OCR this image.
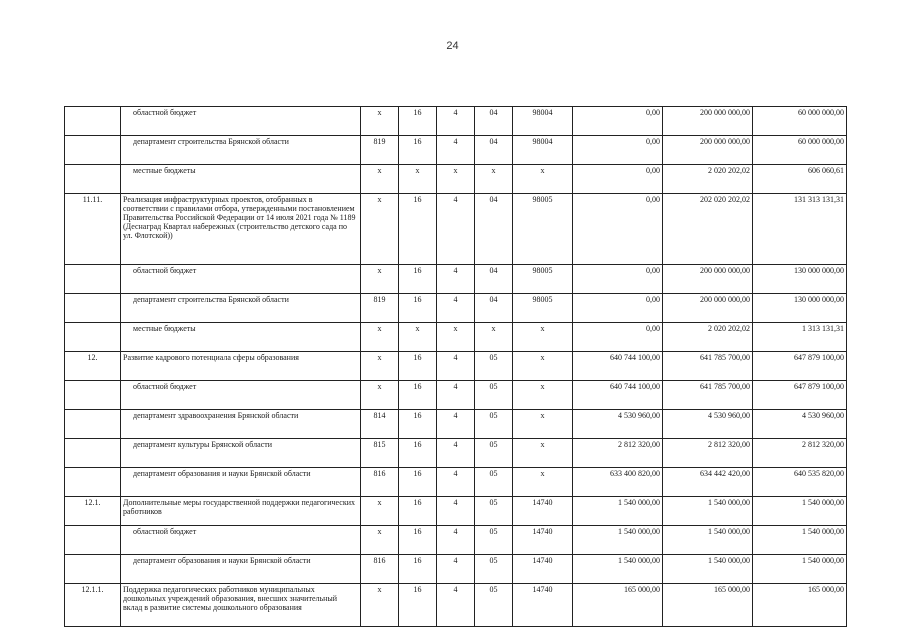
24
	областной бюджет	x	16	4	04	98004	0,00	200 000 000,00	60 000 000,00
	департамент строительства Брянской области	819	16	4	04	98004	0,00	200 000 000,00	60 000 000,00
	местные бюджеты	x	x	x	x	x	0,00	2 020 202,02	606 060,61
11.11.	Реализация инфраструктурных проектов, отобранных в соответствии с правилами отбора, утвержденными постановлением Правительства Российской Федерации от 14 июля 2021 года № 1189 (Деснаград Квартал набережных (строительство детского сада по ул. Флотской))	x	16	4	04	98005	0,00	202 020 202,02	131 313 131,31
	областной бюджет	x	16	4	04	98005	0,00	200 000 000,00	130 000 000,00
	департамент строительства Брянской области	819	16	4	04	98005	0,00	200 000 000,00	130 000 000,00
	местные бюджеты	x	x	x	x	x	0,00	2 020 202,02	1 313 131,31
12.	Развитие кадрового потенциала сферы образования	x	16	4	05	x	640 744 100,00	641 785 700,00	647 879 100,00
	областной бюджет	x	16	4	05	x	640 744 100,00	641 785 700,00	647 879 100,00
	департамент здравоохранения Брянской области	814	16	4	05	x	4 530 960,00	4 530 960,00	4 530 960,00
	департамент культуры Брянской области	815	16	4	05	x	2 812 320,00	2 812 320,00	2 812 320,00
	департамент образования и науки Брянской области	816	16	4	05	x	633 400 820,00	634 442 420,00	640 535 820,00
12.1.	Дополнительные меры государственной поддержки педагогических работников	x	16	4	05	14740	1 540 000,00	1 540 000,00	1 540 000,00
	областной бюджет	x	16	4	05	14740	1 540 000,00	1 540 000,00	1 540 000,00
	департамент образования и науки Брянской области	816	16	4	05	14740	1 540 000,00	1 540 000,00	1 540 000,00
12.1.1.	Поддержка педагогических работников муниципальных дошкольных учреждений образования, внесших значительный вклад в развитие системы дошкольного образования	x	16	4	05	14740	165 000,00	165 000,00	165 000,00
